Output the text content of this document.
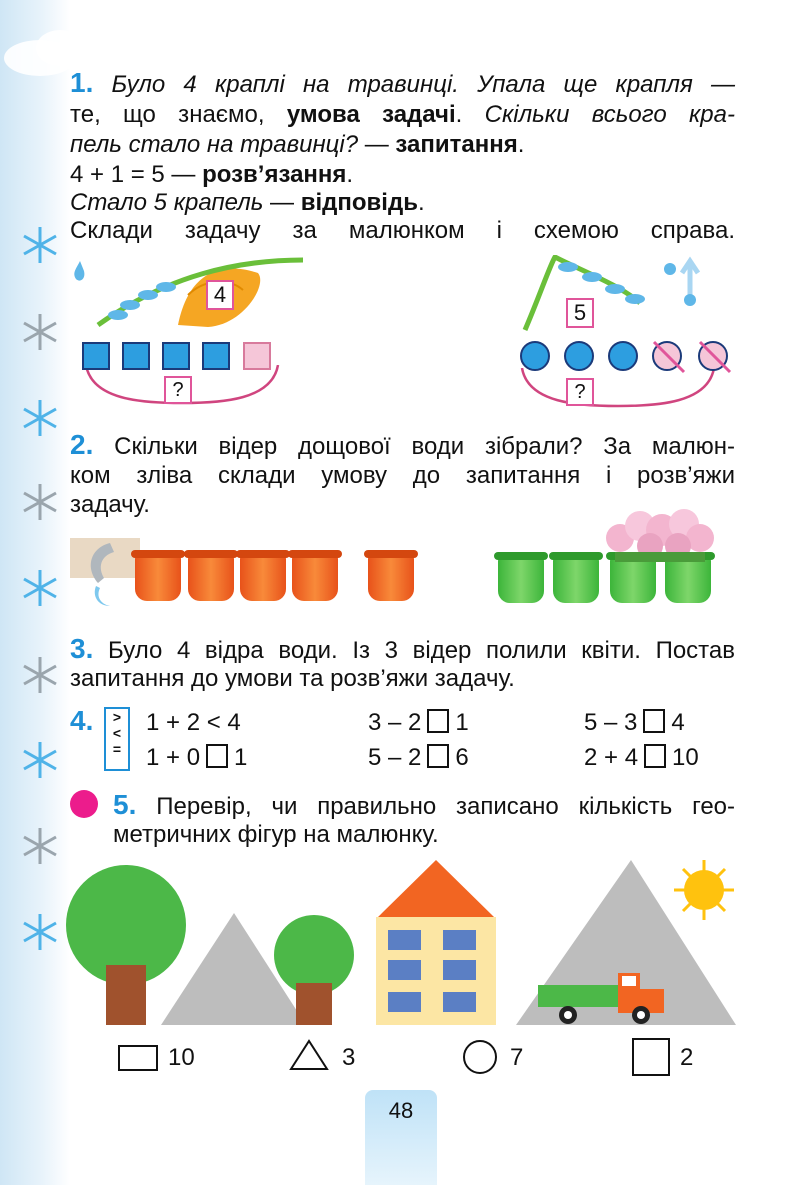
1. Було 4 краплі на травинці. Упала ще крапля —
те, що знаємо, умова задачі. Скільки всього кра-
пель стало на травинці? — запитання.
4 + 1 = 5 — розв’язання.
Стало 5 крапель — відповідь.
Склади задачу за малюнком і схемою справа.
4
?
5
?
2. Скільки відер дощової води зібрали? За малюн-
ком зліва склади умову до запитання і розв’яжи
задачу.
3. Було 4 відра води. Із 3 відер полили квіти. Постав
запитання до умови та розв’яжи задачу.
4.	>
<
=
1 + 2 < 4	3 – 2 1	5 – 3 4
1 + 0 1	5 – 2 6	2 + 4 10
5. Перевір, чи правильно записано кількість гео-
метричних фігур на малюнку.
10	3	7	2
48
